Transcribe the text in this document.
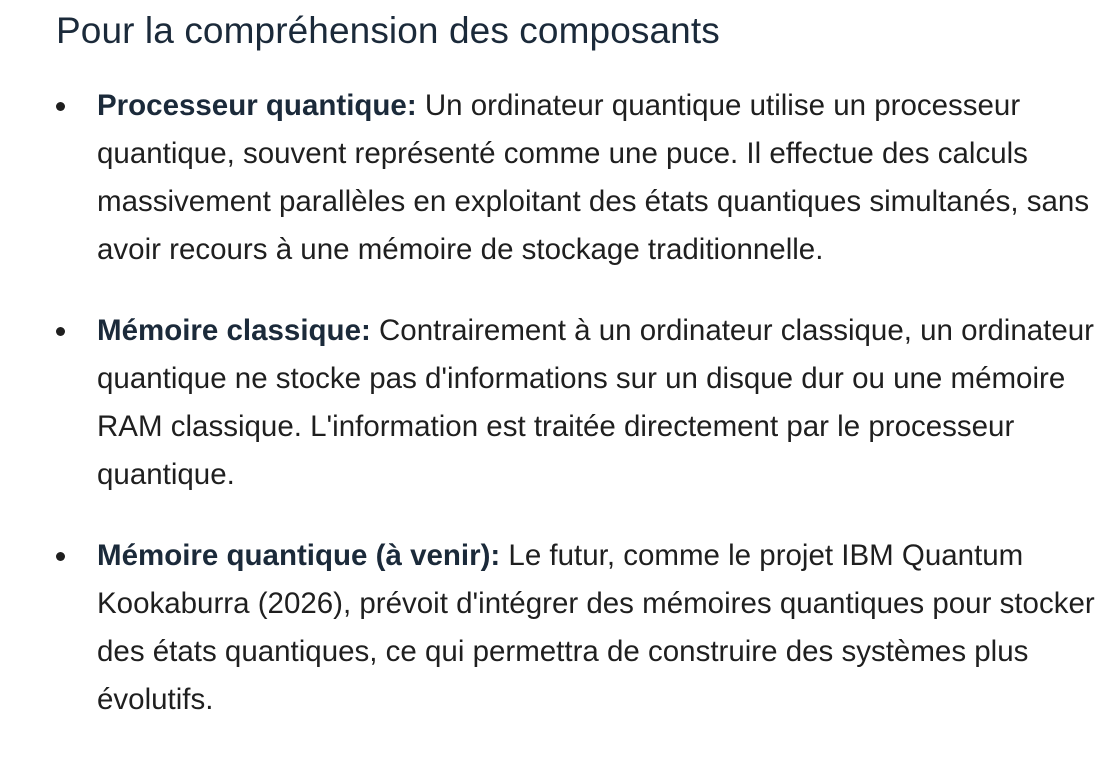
Pour la compréhension des composants
Processeur quantique: Un ordinateur quantique utilise un processeur quantique, souvent représenté comme une puce. Il effectue des calculs massivement parallèles en exploitant des états quantiques simultanés, sans avoir recours à une mémoire de stockage traditionnelle.
Mémoire classique: Contrairement à un ordinateur classique, un ordinateur quantique ne stocke pas d'informations sur un disque dur ou une mémoire RAM classique. L'information est traitée directement par le processeur quantique.
Mémoire quantique (à venir): Le futur, comme le projet IBM Quantum Kookaburra (2026), prévoit d'intégrer des mémoires quantiques pour stocker des états quantiques, ce qui permettra de construire des systèmes plus évolutifs.
